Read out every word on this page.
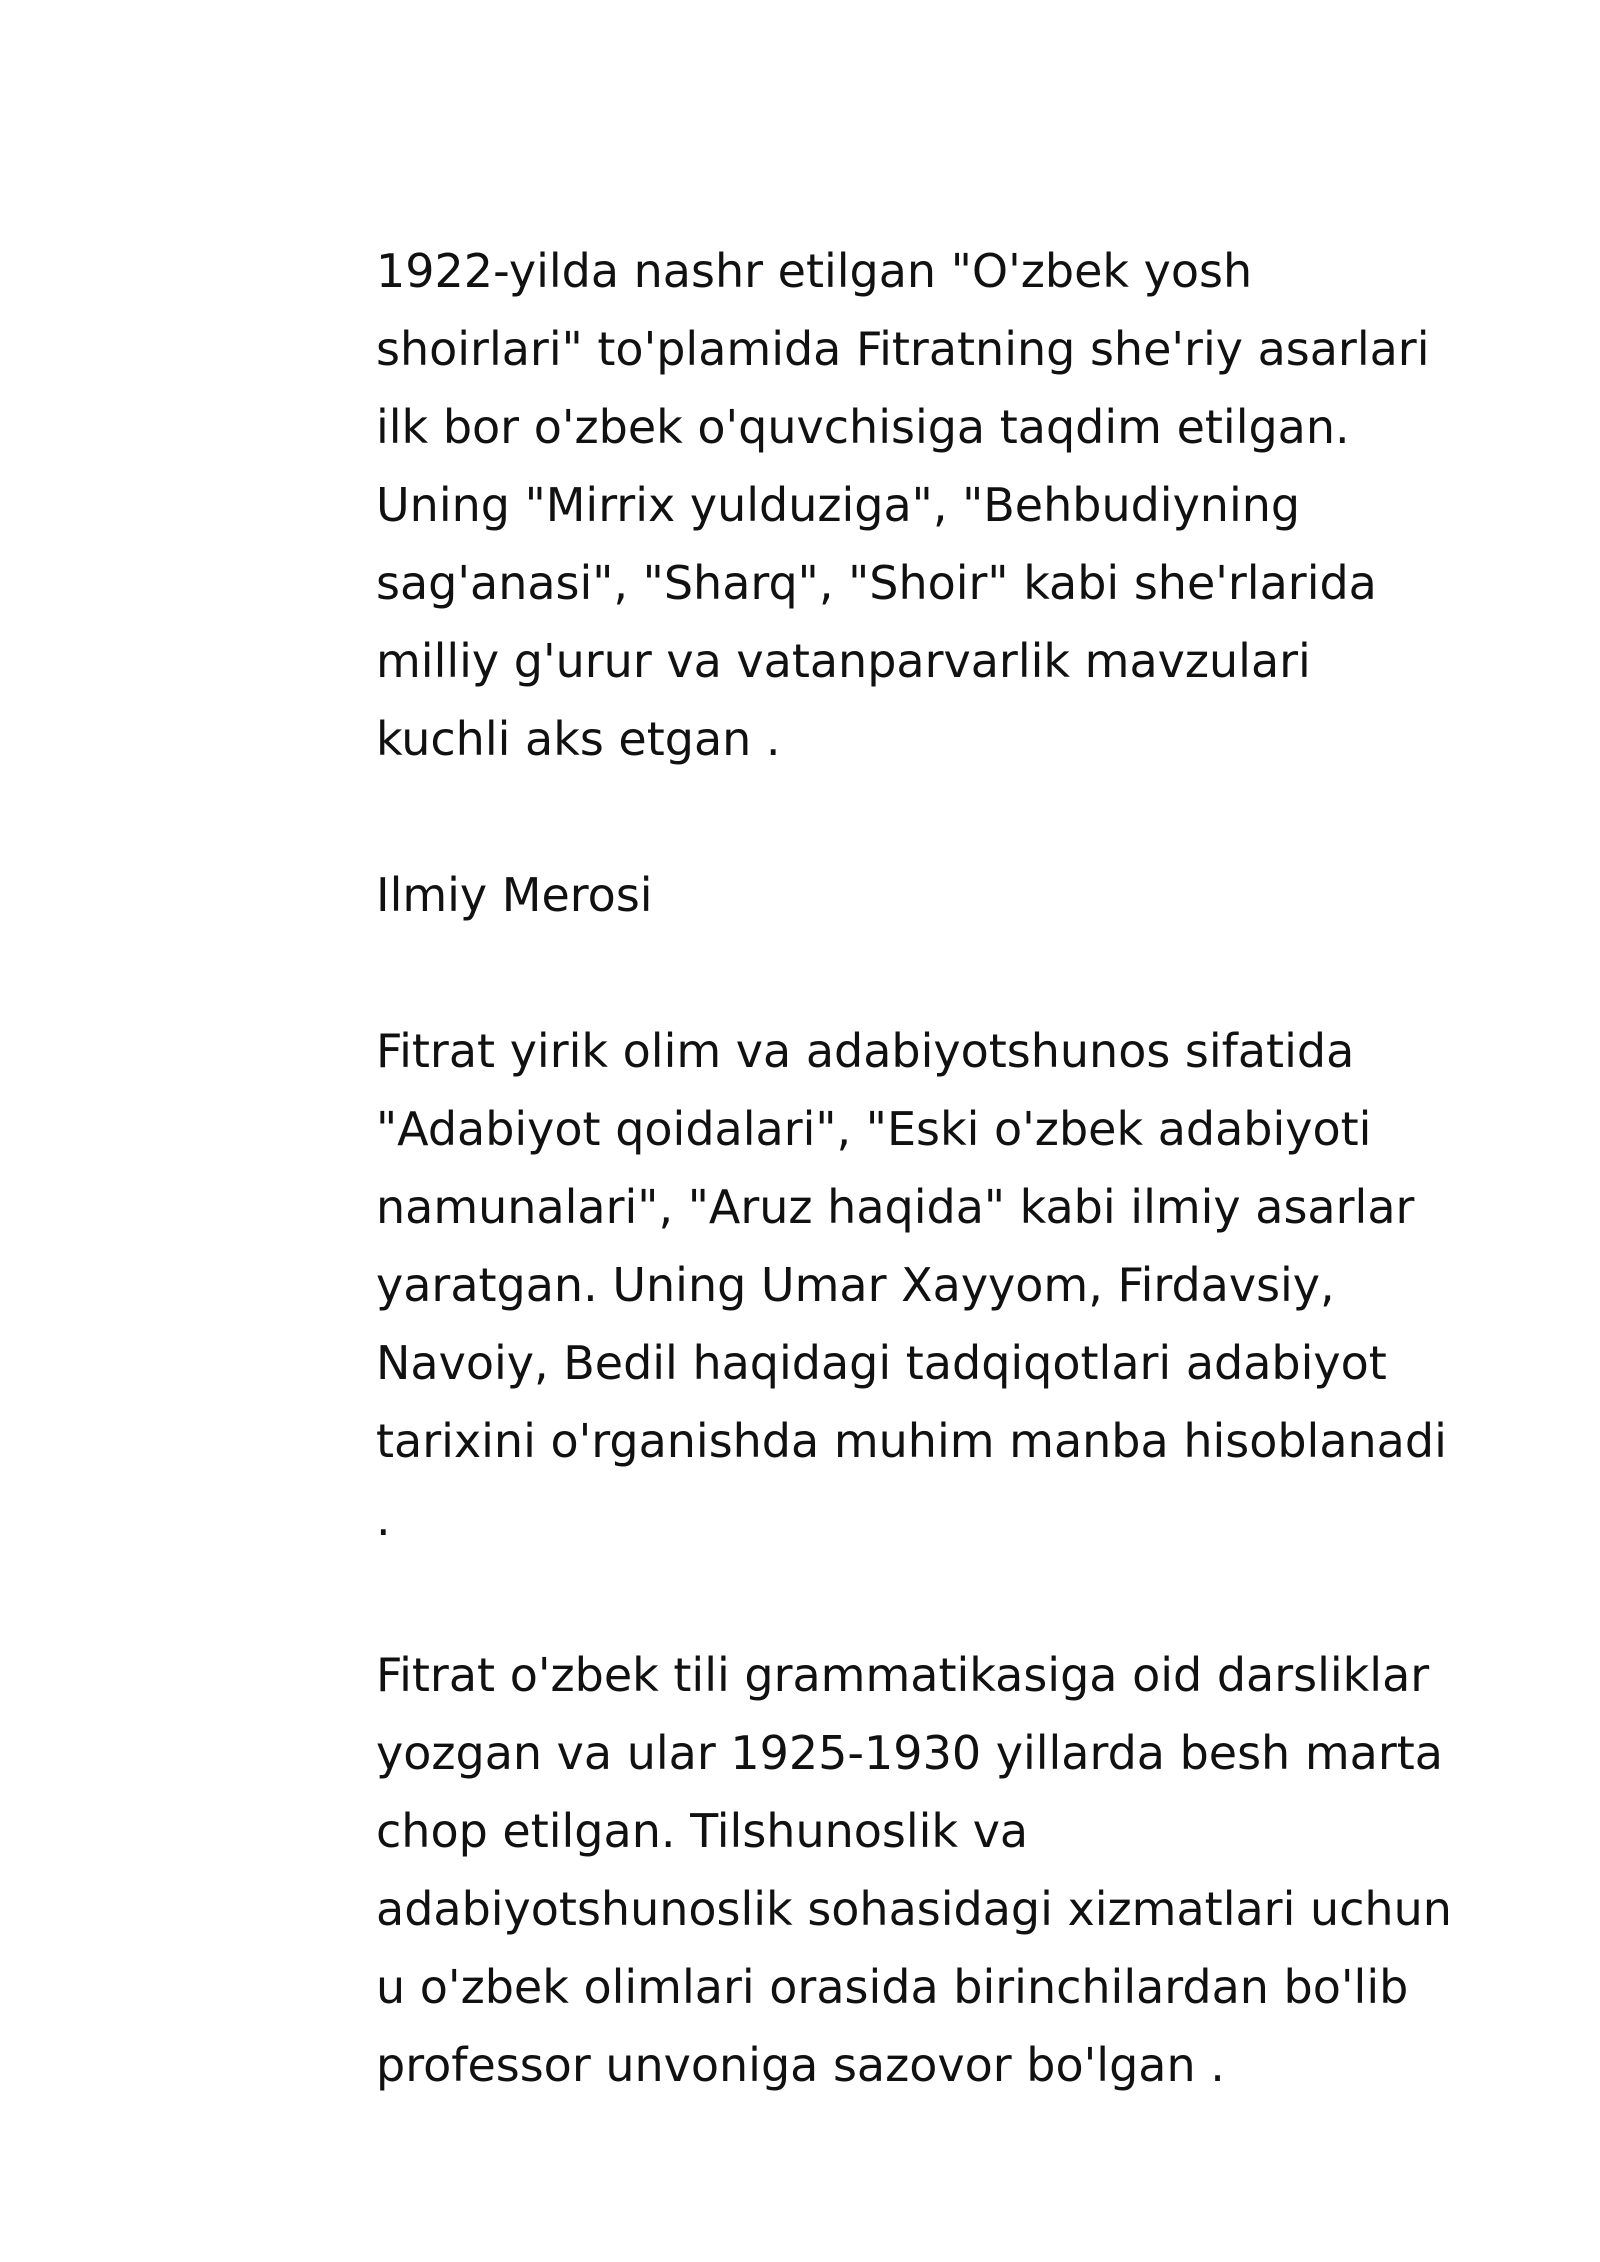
1922-yilda nashr etilgan "O'zbek yosh
shoirlari" to'plamida Fitratning she'riy asarlari
ilk bor o'zbek o'quvchisiga taqdim etilgan.
Uning "Mirrix yulduziga", "Behbudiyning
sag'anasi", "Sharq", "Shoir" kabi she'rlarida
milliy g'urur va vatanparvarlik mavzulari
kuchli aks etgan .

Ilmiy Merosi

Fitrat yirik olim va adabiyotshunos sifatida
"Adabiyot qoidalari", "Eski o'zbek adabiyoti
namunalari", "Aruz haqida" kabi ilmiy asarlar
yaratgan. Uning Umar Xayyom, Firdavsiy,
Navoiy, Bedil haqidagi tadqiqotlari adabiyot
tarixini o'rganishda muhim manba hisoblanadi
.

Fitrat o'zbek tili grammatikasiga oid darsliklar
yozgan va ular 1925-1930 yillarda besh marta
chop etilgan. Tilshunoslik va
adabiyotshunoslik sohasidagi xizmatlari uchun
u o'zbek olimlari orasida birinchilardan bo'lib
professor unvoniga sazovor bo'lgan .
